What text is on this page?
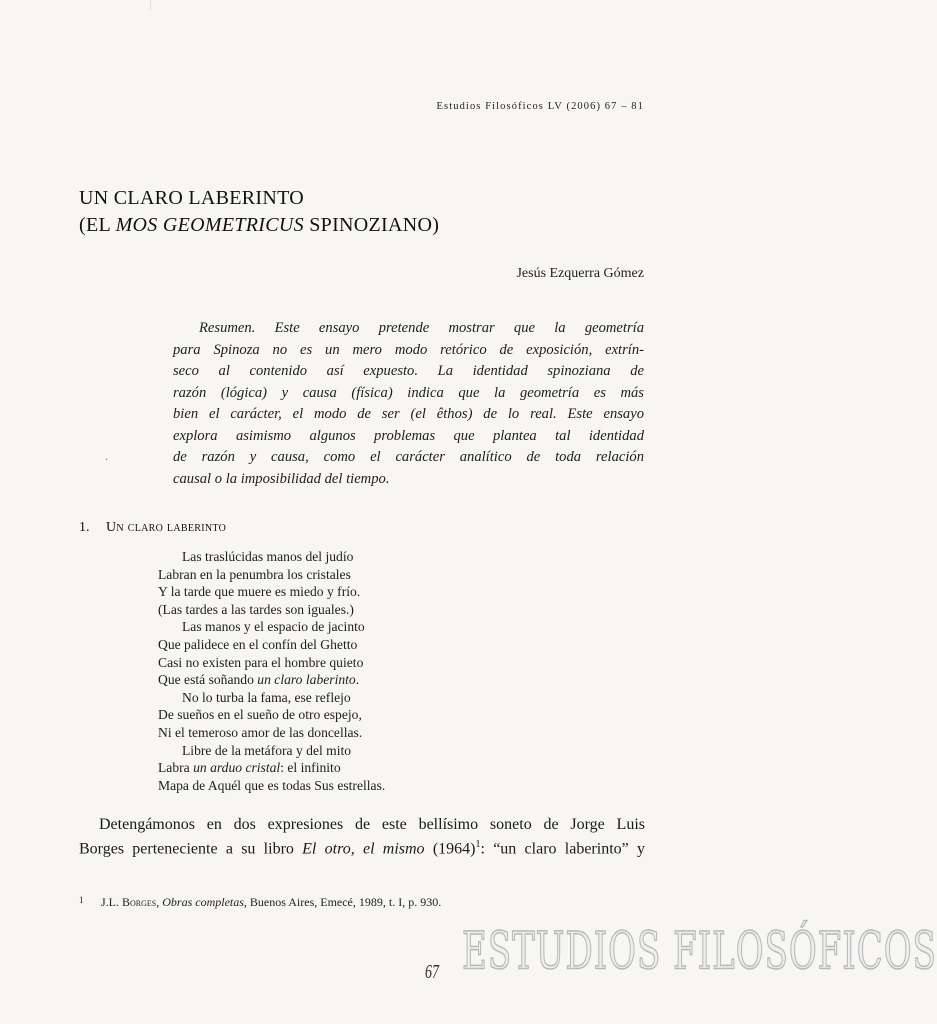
Estudios Filosóficos LV (2006) 67 – 81
UN CLARO LABERINTO
(EL MOS GEOMETRICUS SPINOZIANO)
Jesús Ezquerra Gómez
Resumen. Este ensayo pretende mostrar que la geometría
para Spinoza no es un mero modo retórico de exposición, extrín-
seco al contenido así expuesto. La identidad spinoziana de
razón (lógica) y causa (física) indica que la geometría es más
bien el carácter, el modo de ser (el êthos) de lo real. Este ensayo
explora asimismo algunos problemas que plantea tal identidad
de razón y causa, como el carácter analítico de toda relación
causal o la imposibilidad del tiempo.
·
1. Un claro laberinto
Las traslúcidas manos del judío
Labran en la penumbra los cristales
Y la tarde que muere es miedo y frío.
(Las tardes a las tardes son iguales.)
Las manos y el espacio de jacinto
Que palidece en el confín del Ghetto
Casi no existen para el hombre quieto
Que está soñando un claro laberinto.
No lo turba la fama, ese reflejo
De sueños en el sueño de otro espejo,
Ni el temeroso amor de las doncellas.
Libre de la metáfora y del mito
Labra un arduo cristal: el infinito
Mapa de Aquél que es todas Sus estrellas.
Detengámonos en dos expresiones de este bellísimo soneto de Jorge Luis
Borges perteneciente a su libro El otro, el mismo $(1964)^1$: “un claro laberinto” y
1 J.L. Borges, Obras completas, Buenos Aires, Emecé, 1989, t. I, p. 930.
67 ESTUDIOS FILOSÓFICOS
